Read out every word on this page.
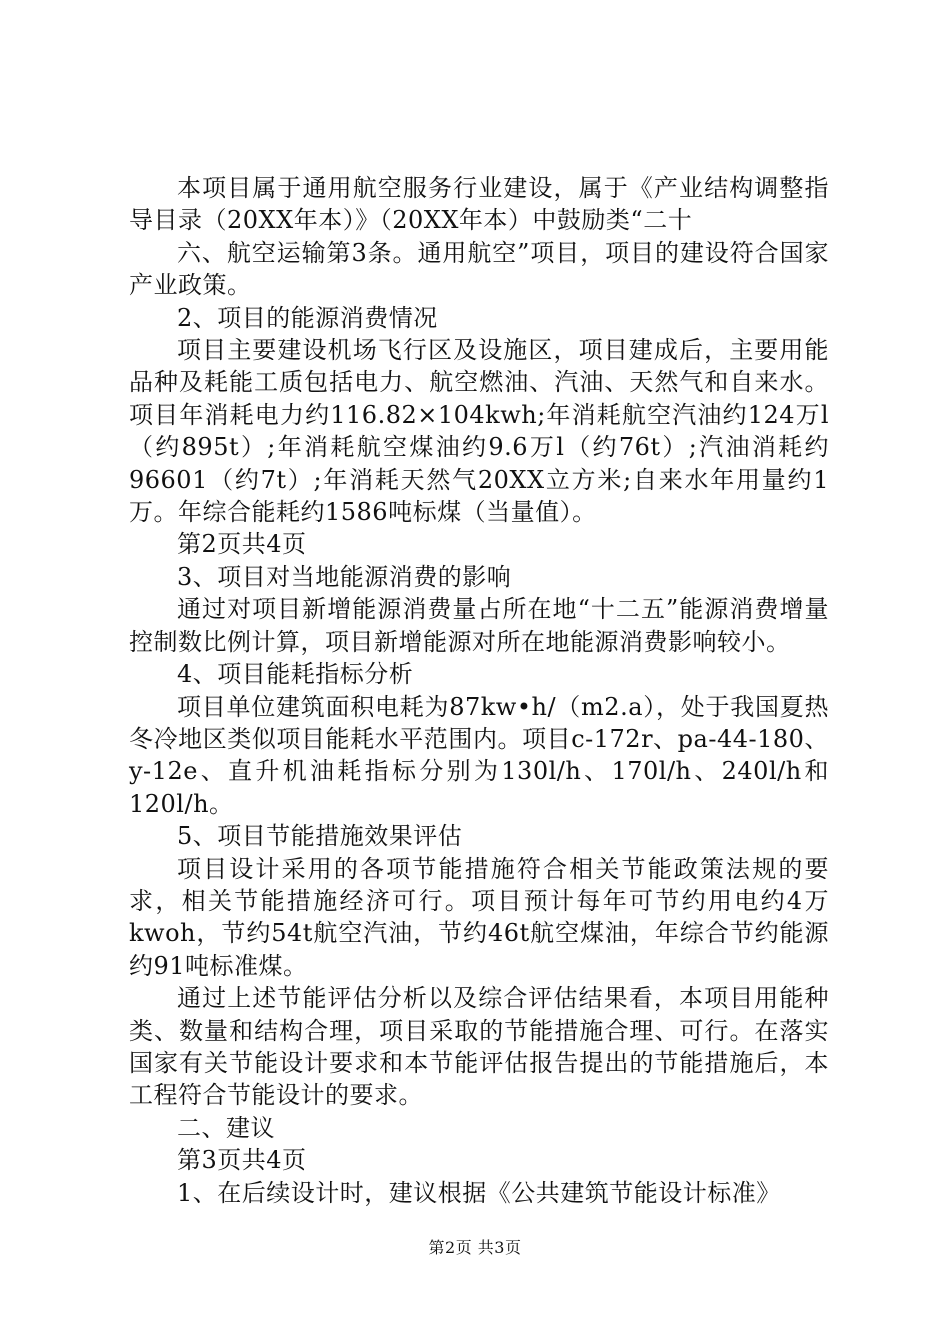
本项目属于通用航空服务行业建设，属于《产业结构调整指导目录（20XX年本）》（20XX年本）中鼓励类“二十

六、航空运输第3条。通用航空”项目，项目的建设符合国家产业政策。

2、项目的能源消费情况

项目主要建设机场飞行区及设施区，项目建成后，主要用能品种及耗能工质包括电力、航空燃油、汽油、天然气和自来水。项目年消耗电力约116.82×104kwh;年消耗航空汽油约124万l（约895t）;年消耗航空煤油约9.6万l（约76t）;汽油消耗约96601（约7t）;年消耗天然气20XX立方米;自来水年用量约1万。年综合能耗约1586吨标煤（当量值）。

第2页共4页

3、项目对当地能源消费的影响

通过对项目新增能源消费量占所在地“十二五”能源消费增量控制数比例计算，项目新增能源对所在地能源消费影响较小。

4、项目能耗指标分析

项目单位建筑面积电耗为87kw•h/（m2.a），处于我国夏热冬冷地区类似项目能耗水平范围内。项目c-172r、pa-44-180、y-12e、直升机油耗指标分别为130l/h、170l/h、240l/h和120l/h。

5、项目节能措施效果评估

项目设计采用的各项节能措施符合相关节能政策法规的要求，相关节能措施经济可行。项目预计每年可节约用电约4万kwoh，节约54t航空汽油，节约46t航空煤油，年综合节约能源约91吨标准煤。

通过上述节能评估分析以及综合评估结果看，本项目用能种类、数量和结构合理，项目采取的节能措施合理、可行。在落实国家有关节能设计要求和本节能评估报告提出的节能措施后，本工程符合节能设计的要求。

二、建议

第3页共4页

1、在后续设计时，建议根据《公共建筑节能设计标准》

第2页 共3页
